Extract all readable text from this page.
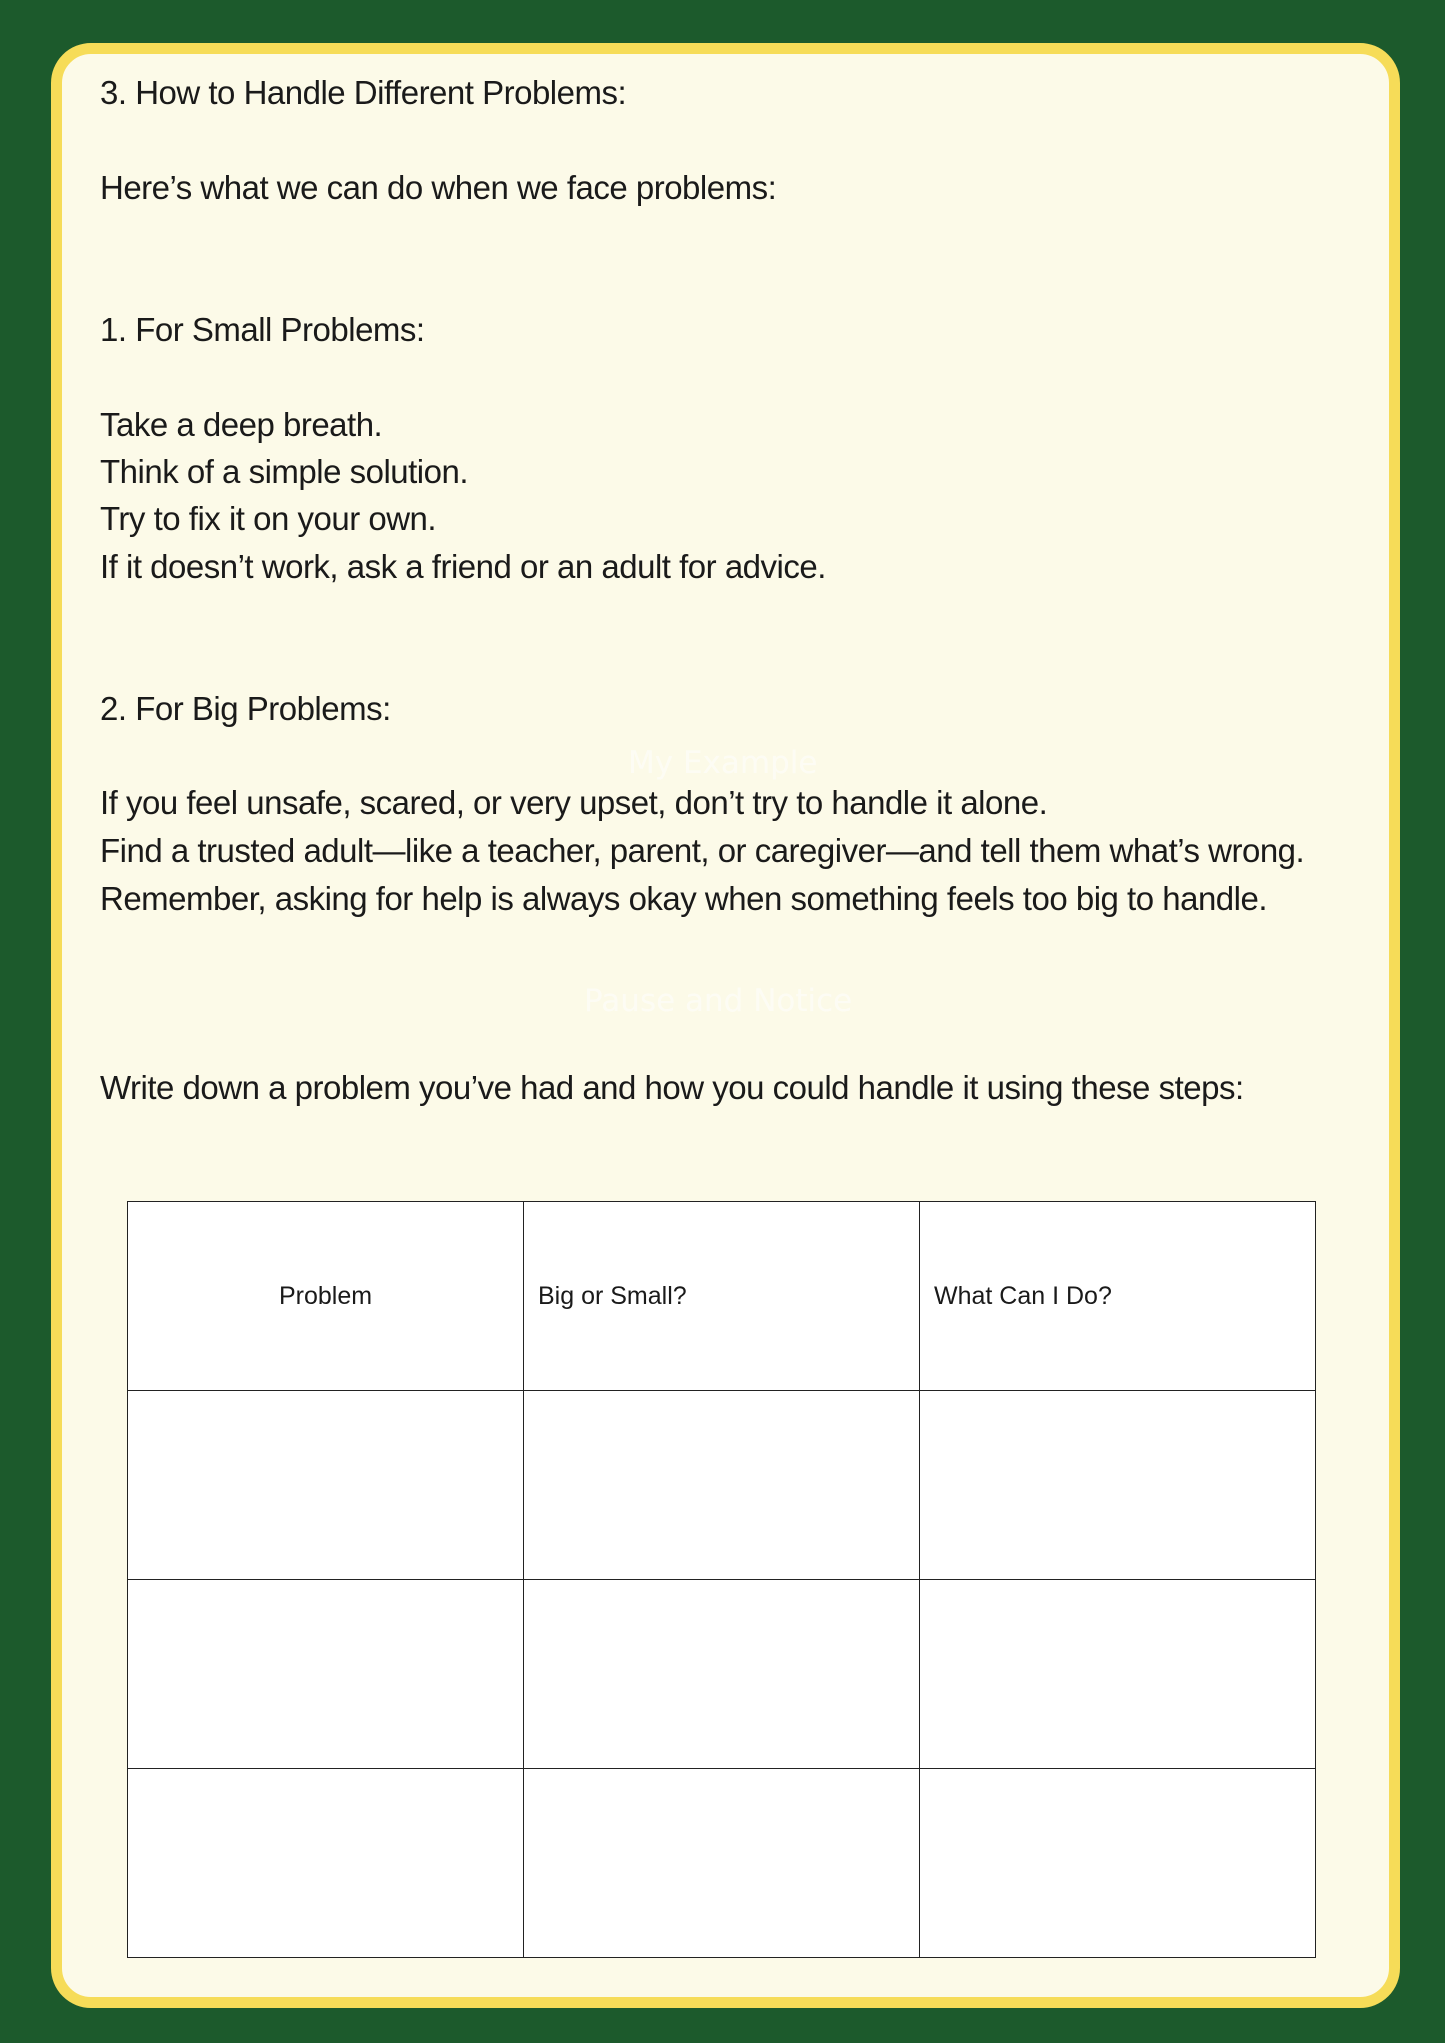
3. How to Handle Different Problems:

Here’s what we can do when we face problems:

1. For Small Problems:

Take a deep breath.

Think of a simple solution.

Try to fix it on your own.

If it doesn’t work, ask a friend or an adult for advice.

2. For Big Problems:

If you feel unsafe, scared, or very upset, don’t try to handle it alone.

Find a trusted adult—like a teacher, parent, or caregiver—and tell them what’s wrong.

Remember, asking for help is always okay when something feels too big to handle.

My Example
Pause and Notice

Write down a problem you’ve had and how you could handle it using these steps:

Problem	Big or Small?	What Can I Do?
